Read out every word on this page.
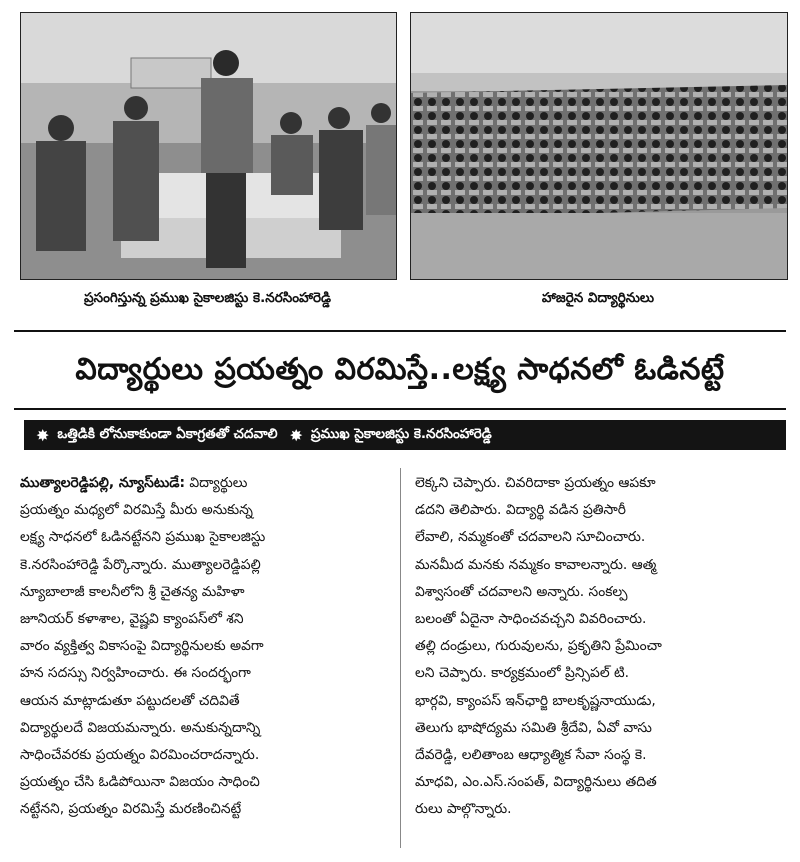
ప్రసంగిస్తున్న ప్రముఖ సైకాలజిస్టు కె.నరసింహారెడ్డి	హాజరైన విద్యార్థినులు
విద్యార్థులు ప్రయత్నం విరమిస్తే..లక్ష్య సాధనలో ఓడినట్టే
✸ ఒత్తిడికి లోనుకాకుండా ఏకాగ్రతతో చదవాలి ✸ ప్రముఖ సైకాలజిస్టు కె.నరసింహారెడ్డి
ముత్యాలరెడ్డిపల్లి, న్యూస్‌టుడే: విద్యార్థులు
ప్రయత్నం మధ్యలో విరమిస్తే మీరు అనుకున్న
లక్ష్య సాధనలో ఓడినట్టేనని ప్రముఖ సైకాలజిస్టు
కె.నరసింహారెడ్డి పేర్కొన్నారు. ముత్యాలరెడ్డిపల్లి
న్యూబాలాజీ కాలనీలోని శ్రీ చైతన్య మహిళా
జూనియర్ కళాశాల, వైష్ణవి క్యాంపస్‌లో శని
వారం వ్యక్తిత్వ వికాసంపై విద్యార్థినులకు అవగా
హన సదస్సు నిర్వహించారు. ఈ సందర్భంగా
ఆయన మాట్లాడుతూ పట్టుదలతో చదివితే
విద్యార్థులదే విజయమన్నారు. అనుకున్నదాన్ని
సాధించేవరకు ప్రయత్నం విరమించరాదన్నారు.
ప్రయత్నం చేసి ఓడిపోయినా విజయం సాధించి
నట్టేనని, ప్రయత్నం విరమిస్తే మరణించినట్టే
లెక్కని చెప్పారు. చివరిదాకా ప్రయత్నం ఆపకూ
డదని తెలిపారు. విద్యార్థి వడిన ప్రతిసారీ
లేవాలి, నమ్మకంతో చదవాలని సూచించారు.
మనమీద మనకు నమ్మకం కావాలన్నారు. ఆత్మ
విశ్వాసంతో చదవాలని అన్నారు. సంకల్ప
బలంతో ఏదైనా సాధించవచ్చని వివరించారు.
తల్లి దండ్రులు, గురువులను, ప్రకృతిని ప్రేమించా
లని చెప్పారు. కార్యక్రమంలో ప్రిన్సిపల్ టి.
భార్గవి, క్యాంపస్ ఇన్‌ఛార్జి బాలకృష్ణనాయుడు,
తెలుగు భాషోద్యమ సమితి శ్రీదేవి, ఏవో వాసు
దేవరెడ్డి, లలితాంబ ఆధ్యాత్మిక సేవా సంస్థ కె.
మాధవి, ఎం.ఎస్.సంపత్, విద్యార్థినులు తదిత
రులు పాల్గొన్నారు.
